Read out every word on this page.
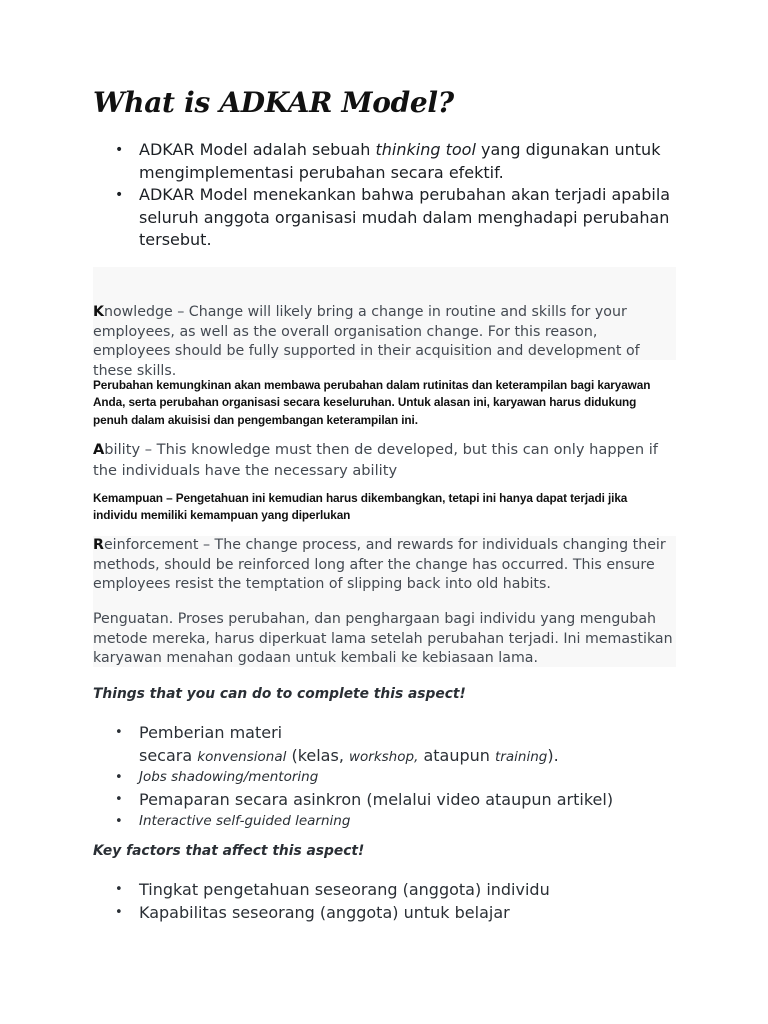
What is ADKAR Model?
• ADKAR Model adalah sebuah thinking tool yang digunakan untuk mengimplementasi perubahan secara efektif.
• ADKAR Model menekankan bahwa perubahan akan terjadi apabila seluruh anggota organisasi mudah dalam menghadapi perubahan tersebut.

Knowledge – Change will likely bring a change in routine and skills for your employees, as well as the overall organisation change. For this reason, employees should be fully supported in their acquisition and development of these skills.

Perubahan kemungkinan akan membawa perubahan dalam rutinitas dan keterampilan bagi karyawan Anda, serta perubahan organisasi secara keseluruhan. Untuk alasan ini, karyawan harus didukung penuh dalam akuisisi dan pengembangan keterampilan ini.

Ability – This knowledge must then de developed, but this can only happen if the individuals have the necessary ability

Kemampuan – Pengetahuan ini kemudian harus dikembangkan, tetapi ini hanya dapat terjadi jika individu memiliki kemampuan yang diperlukan

Reinforcement – The change process, and rewards for individuals changing their methods, should be reinforced long after the change has occurred. This ensure employees resist the temptation of slipping back into old habits.

Penguatan. Proses perubahan, dan penghargaan bagi individu yang mengubah metode mereka, harus diperkuat lama setelah perubahan terjadi. Ini memastikan karyawan menahan godaan untuk kembali ke kebiasaan lama.

Things that you can do to complete this aspect!

• Pemberian materi
secara konvensional (kelas, workshop, ataupun training).
• Jobs shadowing/mentoring
• Pemaparan secara asinkron (melalui video ataupun artikel)
• Interactive self-guided learning

Key factors that affect this aspect!

• Tingkat pengetahuan seseorang (anggota) individu
• Kapabilitas seseorang (anggota) untuk belajar
